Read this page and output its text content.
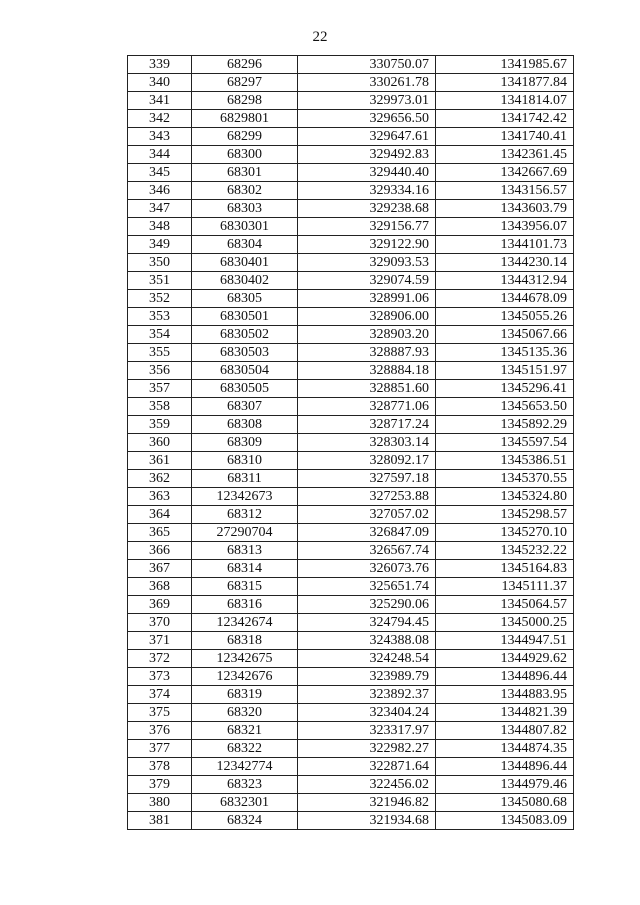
22
339	68296	330750.07	1341985.67
340	68297	330261.78	1341877.84
341	68298	329973.01	1341814.07
342	6829801	329656.50	1341742.42
343	68299	329647.61	1341740.41
344	68300	329492.83	1342361.45
345	68301	329440.40	1342667.69
346	68302	329334.16	1343156.57
347	68303	329238.68	1343603.79
348	6830301	329156.77	1343956.07
349	68304	329122.90	1344101.73
350	6830401	329093.53	1344230.14
351	6830402	329074.59	1344312.94
352	68305	328991.06	1344678.09
353	6830501	328906.00	1345055.26
354	6830502	328903.20	1345067.66
355	6830503	328887.93	1345135.36
356	6830504	328884.18	1345151.97
357	6830505	328851.60	1345296.41
358	68307	328771.06	1345653.50
359	68308	328717.24	1345892.29
360	68309	328303.14	1345597.54
361	68310	328092.17	1345386.51
362	68311	327597.18	1345370.55
363	12342673	327253.88	1345324.80
364	68312	327057.02	1345298.57
365	27290704	326847.09	1345270.10
366	68313	326567.74	1345232.22
367	68314	326073.76	1345164.83
368	68315	325651.74	1345111.37
369	68316	325290.06	1345064.57
370	12342674	324794.45	1345000.25
371	68318	324388.08	1344947.51
372	12342675	324248.54	1344929.62
373	12342676	323989.79	1344896.44
374	68319	323892.37	1344883.95
375	68320	323404.24	1344821.39
376	68321	323317.97	1344807.82
377	68322	322982.27	1344874.35
378	12342774	322871.64	1344896.44
379	68323	322456.02	1344979.46
380	6832301	321946.82	1345080.68
381	68324	321934.68	1345083.09
